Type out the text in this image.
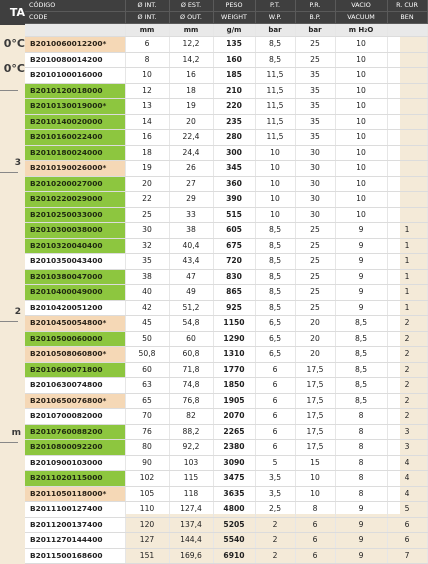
TA
0°C
0°C
3
2
m
CÓDIGO	Ø INT.	Ø EST.	PESO	P.T.	P.R.	VACIO	R. CUR
CODE	Ø INT.	Ø OUT.	WEIGHT	W.P.	B.P.	VACUUM	BEN
	mm	mm	g/m	bar	bar	m H₂O	
B2010060012200*	6	12,2	135	8,5	25	10	
B2010080014200	8	14,2	160	8,5	25	10	
B2010100016000	10	16	185	11,5	35	10	
B2010120018000	12	18	210	11,5	35	10	
B2010130019000*	13	19	220	11,5	35	10	
B2010140020000	14	20	235	11,5	35	10	
B2010160022400	16	22,4	280	11,5	35	10	
B2010180024000	18	24,4	300	10	30	10	
B2010190026000*	19	26	345	10	30	10	
B2010200027000	20	27	360	10	30	10	
B2010220029000	22	29	390	10	30	10	
B2010250033000	25	33	515	10	30	10	
B2010300038000	30	38	605	8,5	25	9	1
B2010320040400	32	40,4	675	8,5	25	9	1
B2010350043400	35	43,4	720	8,5	25	9	1
B2010380047000	38	47	830	8,5	25	9	1
B2010400049000	40	49	865	8,5	25	9	1
B2010420051200	42	51,2	925	8,5	25	9	1
B2010450054800*	45	54,8	1150	6,5	20	8,5	2
B2010500060000	50	60	1290	6,5	20	8,5	2
B2010508060800*	50,8	60,8	1310	6,5	20	8,5	2
B2010600071800	60	71,8	1770	6	17,5	8,5	2
B2010630074800	63	74,8	1850	6	17,5	8,5	2
B2010650076800*	65	76,8	1905	6	17,5	8,5	2
B2010700082000	70	82	2070	6	17,5	8	2
B2010760088200	76	88,2	2265	6	17,5	8	3
B2010800092200	80	92,2	2380	6	17,5	8	3
B2010900103000	90	103	3090	5	15	8	4
B2011020115000	102	115	3475	3,5	10	8	4
B2011050118000*	105	118	3635	3,5	10	8	4
B2011100127400	110	127,4	4800	2,5	8	9	5
B2011200137400	120	137,4	5205	2	6	9	6
B2011270144400	127	144,4	5540	2	6	9	6
B2011500168600	151	169,6	6910	2	6	9	7
